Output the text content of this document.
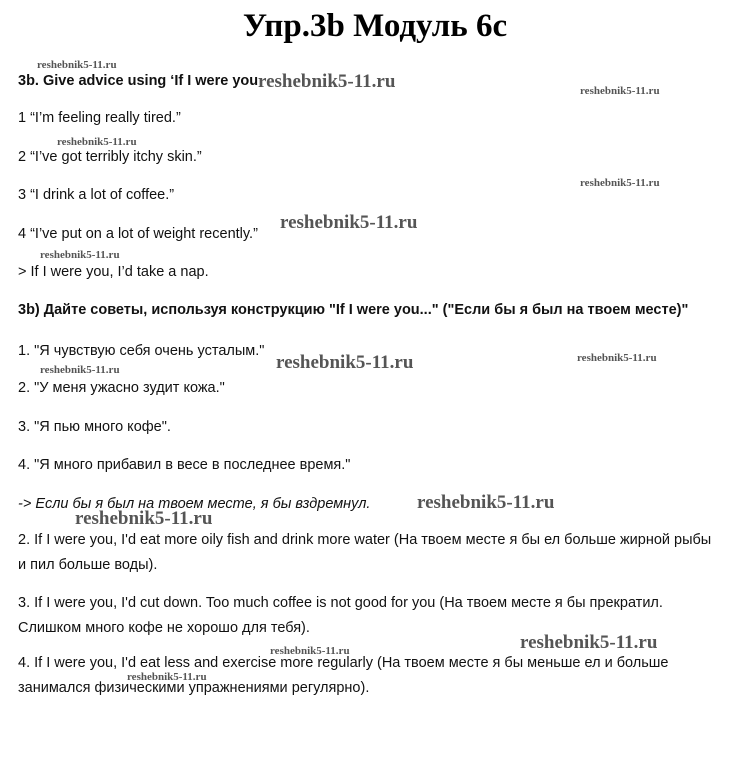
Упр.3b Модуль 6c
3b. Give advice using ‘If I were you
1 “I’m feeling really tired.”
2 “I’ve got terribly itchy skin.”
3 “I drink a lot of coffee.”
4 “I’ve put on a lot of weight recently.”
> If I were you, I’d take a nap.
3b) Дайте советы, используя конструкцию "If I were you..." ("Если бы я был на твоем месте)"
1. "Я чувствую себя очень усталым."
2. "У меня ужасно зудит кожа."
3. "Я пью много кофе".
4. "Я много прибавил в весе в последнее время."
-> Если бы я был на твоем месте, я бы вздремнул.
2. If I were you, I'd eat more oily fish and drink more water (На твоем месте я бы ел больше жирной рыбы и пил больше воды).
3. If I were you, I'd cut down. Too much coffee is not good for you (На твоем месте я бы прекратил. Слишком много кофе не хорошо для тебя).
4. If I were you, I'd eat less and exercise more regularly (На твоем месте я бы меньше ел и больше занимался физическими упражнениями регулярно).
reshebnik5-11.ru
reshebnik5-11.ru	reshebnik5-11.ru
reshebnik5-11.ru
reshebnik5-11.ru
reshebnik5-11.ru
reshebnik5-11.ru
reshebnik5-11.ru	reshebnik5-11.ru
reshebnik5-11.ru
reshebnik5-11.ru
reshebnik5-11.ru
reshebnik5-11.ru
reshebnik5-11.ru
reshebnik5-11.ru
